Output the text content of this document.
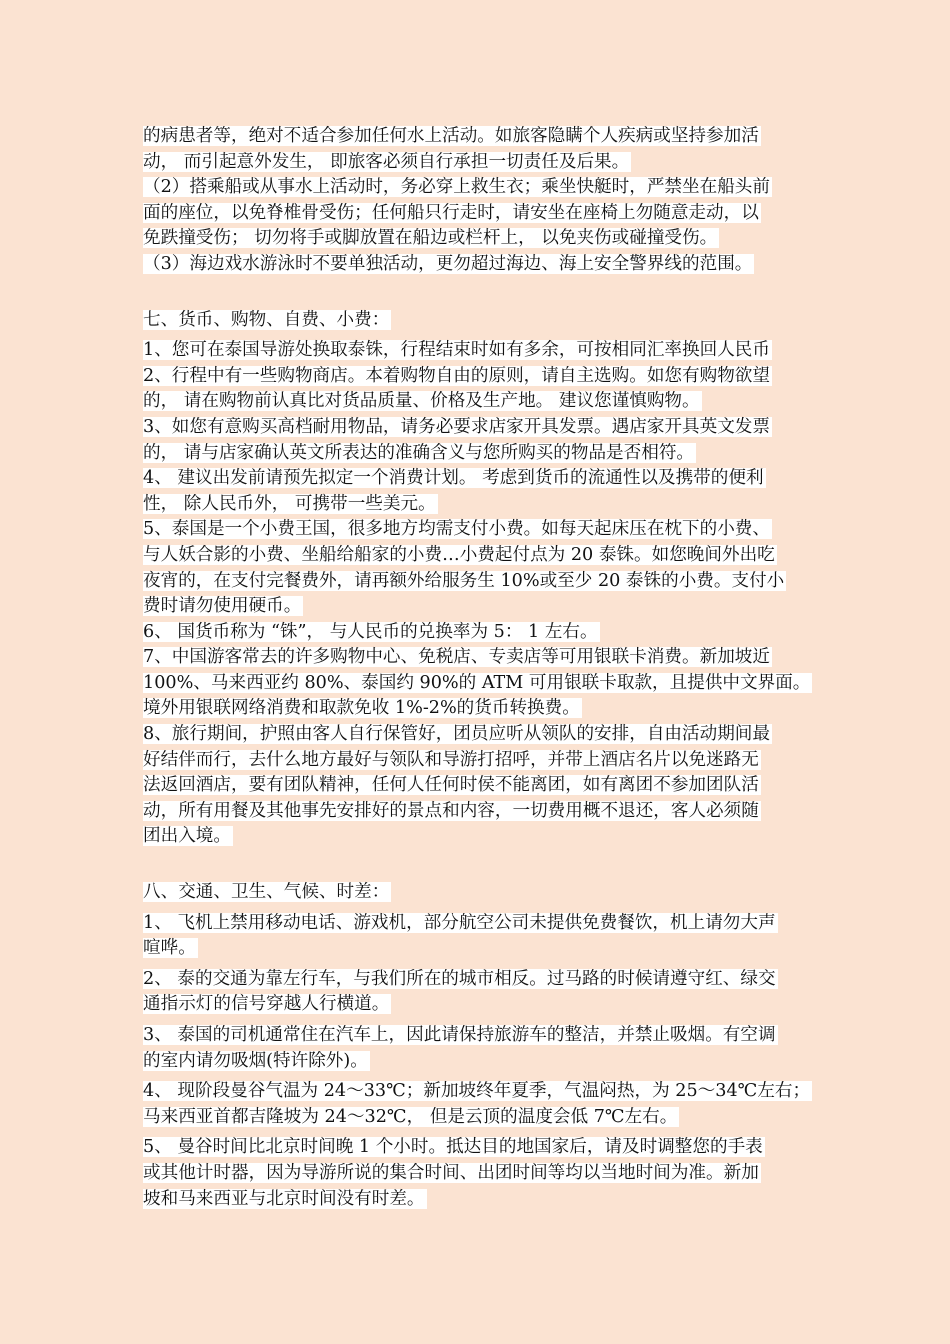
的病患者等，绝对不适合参加任何水上活动。如旅客隐瞒个人疾病或坚持参加活
动， 而引起意外发生， 即旅客必须自行承担一切责任及后果。
（2）搭乘船或从事水上活动时，务必穿上救生衣；乘坐快艇时，严禁坐在船头前
面的座位，以免脊椎骨受伤；任何船只行走时，请安坐在座椅上勿随意走动，以
免跌撞受伤； 切勿将手或脚放置在船边或栏杆上， 以免夹伤或碰撞受伤。
（3）海边戏水游泳时不要单独活动，更勿超过海边、海上安全警界线的范围。
七、货币、购物、自费、小费：
1、您可在泰国导游处换取泰铢，行程结束时如有多余，可按相同汇率换回人民币
2、行程中有一些购物商店。本着购物自由的原则，请自主选购。如您有购物欲望
的， 请在购物前认真比对货品质量、价格及生产地。 建议您谨慎购物。
3、如您有意购买高档耐用物品，请务必要求店家开具发票。遇店家开具英文发票
的， 请与店家确认英文所表达的准确含义与您所购买的物品是否相符。
4、 建议出发前请预先拟定一个消费计划。 考虑到货币的流通性以及携带的便利
性， 除人民币外， 可携带一些美元。
5、泰国是一个小费王国，很多地方均需支付小费。如每天起床压在枕下的小费、
与人妖合影的小费、坐船给船家的小费…小费起付点为 20 泰铢。如您晚间外出吃
夜宵的，在支付完餐费外，请再额外给服务生 10%或至少 20 泰铢的小费。支付小
费时请勿使用硬币。
6、 国货币称为 “铢”， 与人民币的兑换率为 5： 1 左右。
7、中国游客常去的许多购物中心、免税店、专卖店等可用银联卡消费。新加坡近
100%、马来西亚约 80%、泰国约 90%的 ATM 可用银联卡取款，且提供中文界面。
境外用银联网络消费和取款免收 1%-2%的货币转换费。
8、旅行期间，护照由客人自行保管好，团员应听从领队的安排，自由活动期间最
好结伴而行，去什么地方最好与领队和导游打招呼，并带上酒店名片以免迷路无
法返回酒店，要有团队精神，任何人任何时侯不能离团，如有离团不参加团队活
动，所有用餐及其他事先安排好的景点和内容，一切费用概不退还，客人必须随
团出入境。
八、交通、卫生、气候、时差：
1、 飞机上禁用移动电话、游戏机，部分航空公司未提供免费餐饮，机上请勿大声
喧哗。
2、 泰的交通为靠左行车，与我们所在的城市相反。过马路的时候请遵守红、绿交
通指示灯的信号穿越人行横道。
3、 泰国的司机通常住在汽车上，因此请保持旅游车的整洁，并禁止吸烟。有空调
的室内请勿吸烟(特许除外)。
4、 现阶段曼谷气温为 24～33℃；新加坡终年夏季，气温闷热，为 25～34℃左右；
马来西亚首都吉隆坡为 24～32℃， 但是云顶的温度会低 7℃左右。
5、 曼谷时间比北京时间晚 1 个小时。抵达目的地国家后，请及时调整您的手表
或其他计时器，因为导游所说的集合时间、出团时间等均以当地时间为准。新加
坡和马来西亚与北京时间没有时差。
